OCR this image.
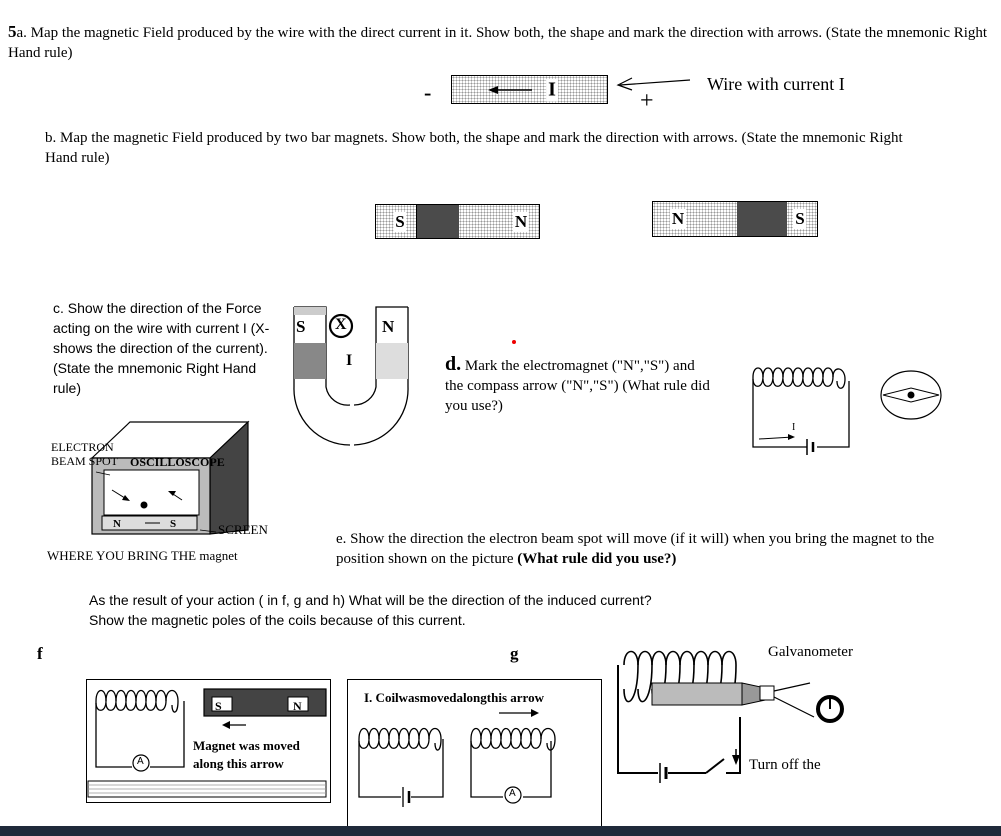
5a. Map the magnetic Field produced by the wire with the direct current in it. Show both, the shape and mark the direction with arrows. (State the mnemonic Right Hand rule)
-	I	+
Wire with current I
b. Map the magnetic Field produced by two bar magnets. Show both, the shape and mark the direction with arrows. (State the mnemonic Right Hand rule)
S	N	N	S
c. Show the direction of the Force acting on the wire with current I (X- shows the direction of the current). (State the mnemonic Right Hand rule)
S	N
X
I	d. Mark the electromagnet ("N","S") and the compass arrow ("N","S") (What rule did you use?)
I
ELECTRON BEAM SPOT OSCILLOSCOPE
N	S	SCREEN
WHERE YOU BRING THE magnet
e. Show the direction the electron beam spot will move (if it will) when you bring the magnet to the position shown on the picture (What rule did you use?)
As the result of your action ( in f, g and h) What will be the direction of the induced current?
Show the magnetic poles of the coils because of this current.
f
S	N
A
Magnet was moved along this arrow
g
I. Coilwasmovedalongthis arrow
A
Galvanometer
Turn off the
